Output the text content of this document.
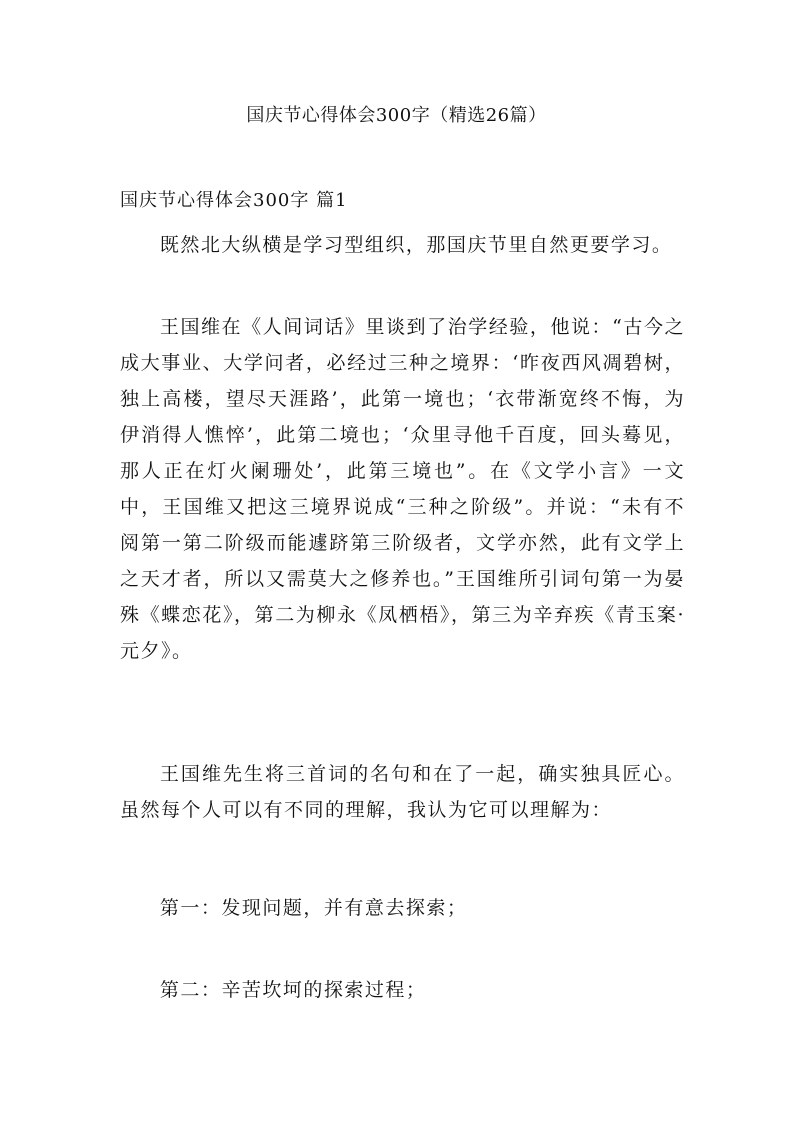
国庆节心得体会300字（精选26篇）
国庆节心得体会300字 篇1

既然北大纵横是学习型组织，那国庆节里自然更要学习。

王国维在《人间词话》里谈到了治学经验，他说：“古今之成大事业、大学问者，必经过三种之境界：‘昨夜西风凋碧树，独上高楼，望尽天涯路’，此第一境也；‘衣带渐宽终不悔，为伊消得人憔悴’，此第二境也；‘众里寻他千百度，回头蓦见，那人正在灯火阑珊处’，此第三境也”。在《文学小言》一文中，王国维又把这三境界说成“三种之阶级”。并说：“未有不阅第一第二阶级而能遽跻第三阶级者，文学亦然，此有文学上之天才者，所以又需莫大之修养也。”王国维所引词句第一为晏殊《蝶恋花》，第二为柳永《凤栖梧》，第三为辛弃疾《青玉案·元夕》。

王国维先生将三首词的名句和在了一起，确实独具匠心。虽然每个人可以有不同的理解，我认为它可以理解为：

第一：发现问题，并有意去探索；

第二：辛苦坎坷的探索过程；
